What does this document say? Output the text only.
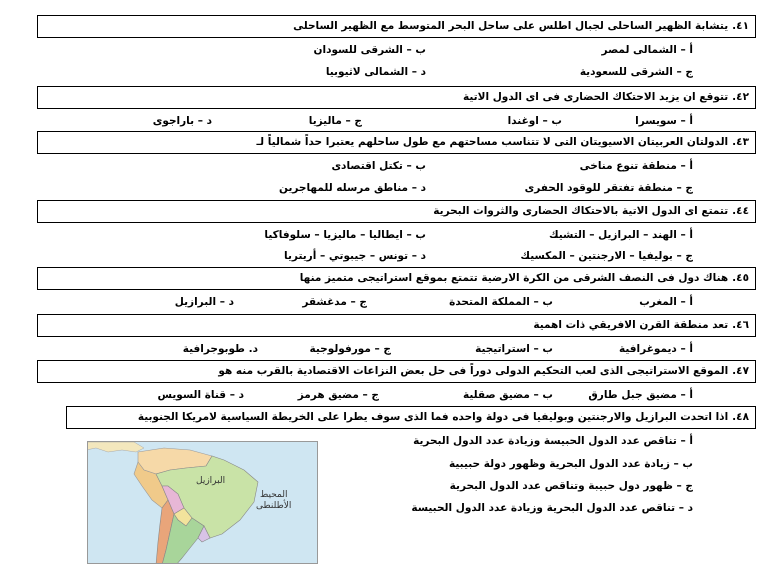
٤١.يتشابة الظهير الساحلى لجبال اطلس على ساحل البحر المتوسط مع الظهير الساحلى
أ – الشمالى لمصر
ب – الشرقى للسودان
ج – الشرقى للسعودية
د – الشمالى لاثيوبيا
٤٢.تتوقع ان يزيد الاحتكاك الحضارى فى اى الدول الاتية
أ – سويسرا
ب – اوغندا
ج – ماليزيا
د – باراجوى
٤٣.الدولتان العربيتان الاسيويتان التى لا تتناسب مساحتهم مع طول ساحلهم يعتبرا حداً شمالياً لـ
أ – منطقة تنوع مناخى
ب – تكتل اقتصادى
ج – منطقة تفتقر للوقود الحفرى
د – مناطق مرسله للمهاجرين
٤٤.تتمتع اى الدول الاتية بالاحتكاك الحضارى والثروات البحرية
أ – الهند – البرازيل – التشيك
ب – ايطاليا – ماليزيا – سلوفاكيا
ج – بوليفيا – الارجنتين – المكسيك
د – تونس – جيبوتي – أريتريا
٤٥.هناك دول فى النصف الشرقى من الكرة الارضية تتمتع بموقع استراتيجى متميز منها
أ – المغرب
ب – المملكة المتحدة
ج – مدغشقر
د – البرازيل
٤٦.تعد منطقة القرن الافريقي ذات اهمية
أ – ديموغرافية
ب – استراتيجية
ج – مورفولوجية
د. طوبوجرافية
٤٧.الموقع الاستراتيجى الذى لعب التحكيم الدولى دوراً فى حل بعض النزاعات الاقتصادية بالقرب منه هو
أ – مضيق جبل طارق
ب – مضيق صقلية
ج – مضيق هرمز
د – قناة السويس
٤٨.اذا اتحدت البرازيل والارجنتين وبوليفيا فى دولة واحده فما الذى سوف يطرا على الخريطة السياسية لامريكا الجنوبية
أ – تناقص عدد الدول الحبيسة وزيادة عدد الدول البحرية
ب – زيادة عدد الدول البحرية وظهور دولة حبيبية
ج – ظهور دول حبيبة وتناقص عدد الدول البحرية
د – تناقص عدد الدول البحرية وزيادة عدد الدول الحبيسة
البرازيل
المحيط
الأطلنطى
